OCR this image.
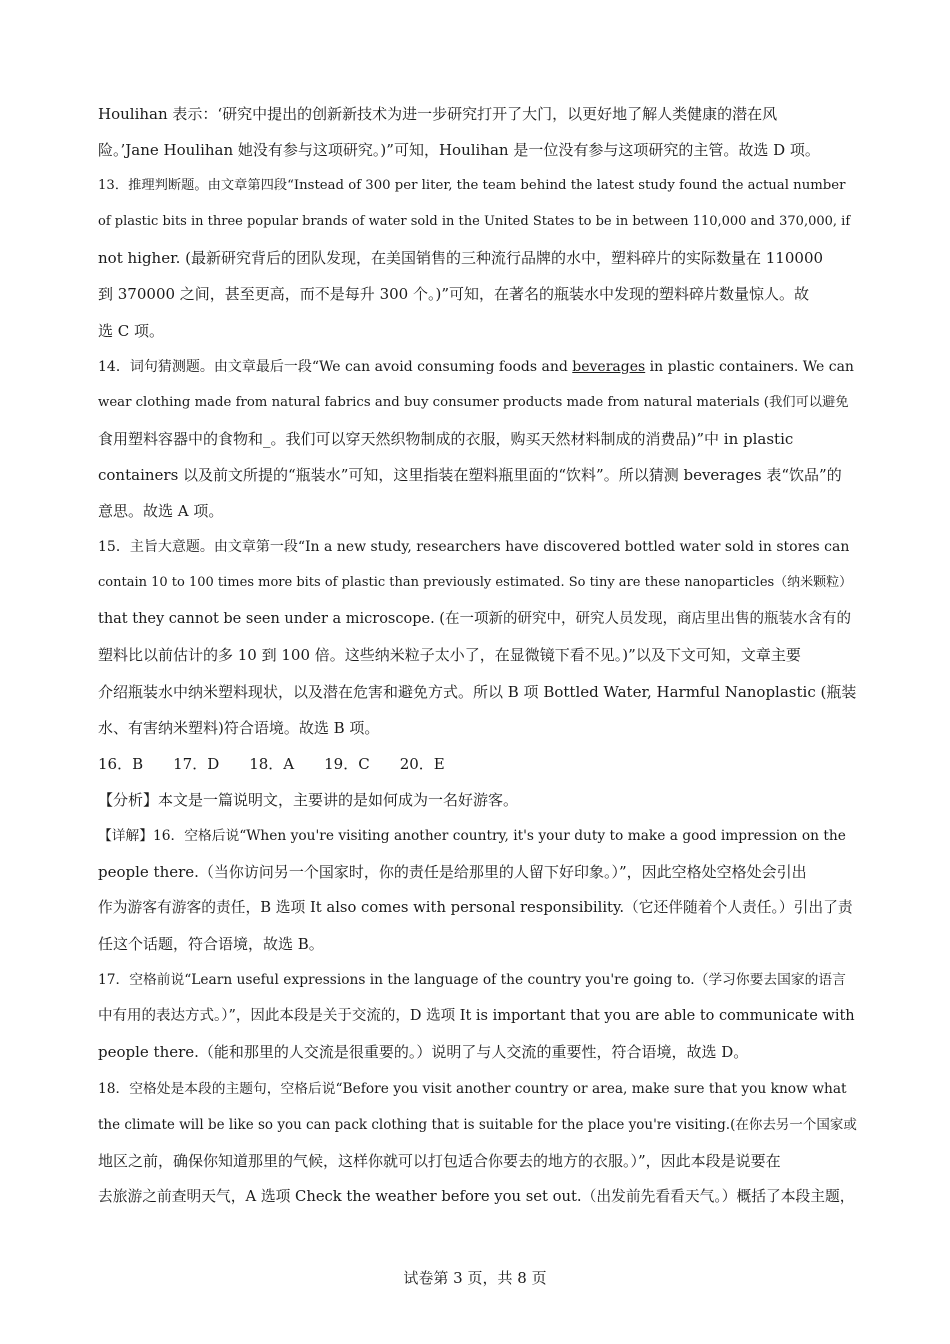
Houlihan 表示：‘研究中提出的创新新技术为进一步研究打开了大门，以更好地了解人类健康的潜在风
险。’Jane Houlihan 她没有参与这项研究。)”可知，Houlihan 是一位没有参与这项研究的主管。故选 D 项。
13．推理判断题。由文章第四段“Instead of 300 per liter, the team behind the latest study found the actual number
of plastic bits in three popular brands of water sold in the United States to be in between 110,000 and 370,000, if
not higher. (最新研究背后的团队发现，在美国销售的三种流行品牌的水中，塑料碎片的实际数量在 110000
到 370000 之间，甚至更高，而不是每升 300 个。)”可知，在著名的瓶装水中发现的塑料碎片数量惊人。故
选 C 项。
14．词句猜测题。由文章最后一段“We can avoid consuming foods and beverages in plastic containers. We can
wear clothing made from natural fabrics and buy consumer products made from natural materials (我们可以避免
食用塑料容器中的食物和_。我们可以穿天然织物制成的衣服，购买天然材料制成的消费品)”中 in plastic
containers 以及前文所提的“瓶装水”可知，这里指装在塑料瓶里面的“饮料”。所以猜测 beverages 表“饮品”的
意思。故选 A 项。
15．主旨大意题。由文章第一段“In a new study, researchers have discovered bottled water sold in stores can
contain 10 to 100 times more bits of plastic than previously estimated. So tiny are these nanoparticles（纳米颗粒）
that they cannot be seen under a microscope. (在一项新的研究中，研究人员发现，商店里出售的瓶装水含有的
塑料比以前估计的多 10 到 100 倍。这些纳米粒子太小了，在显微镜下看不见。)”以及下文可知，文章主要
介绍瓶装水中纳米塑料现状，以及潜在危害和避免方式。所以 B 项 Bottled Water, Harmful Nanoplastic (瓶装
水、有害纳米塑料)符合语境。故选 B 项。
16．B　　17．D　　18．A　　19．C　　20．E
【分析】本文是一篇说明文，主要讲的是如何成为一名好游客。
【详解】16．空格后说“When you're visiting another country, it's your duty to make a good impression on the
people there.（当你访问另一个国家时，你的责任是给那里的人留下好印象。）”，因此空格处空格处会引出
作为游客有游客的责任，B 选项 It also comes with personal responsibility.（它还伴随着个人责任。）引出了责
任这个话题，符合语境，故选 B。
17．空格前说“Learn useful expressions in the language of the country you're going to.（学习你要去国家的语言
中有用的表达方式。）”，因此本段是关于交流的，D 选项 It is important that you are able to communicate with
people there.（能和那里的人交流是很重要的。）说明了与人交流的重要性，符合语境，故选 D。
18．空格处是本段的主题句，空格后说“Before you visit another country or area, make sure that you know what
the climate will be like so you can pack clothing that is suitable for the place you're visiting.(在你去另一个国家或
地区之前，确保你知道那里的气候，这样你就可以打包适合你要去的地方的衣服。）”，因此本段是说要在
去旅游之前查明天气，A 选项 Check the weather before you set out.（出发前先看看天气。）概括了本段主题，
试卷第 3 页，共 8 页
